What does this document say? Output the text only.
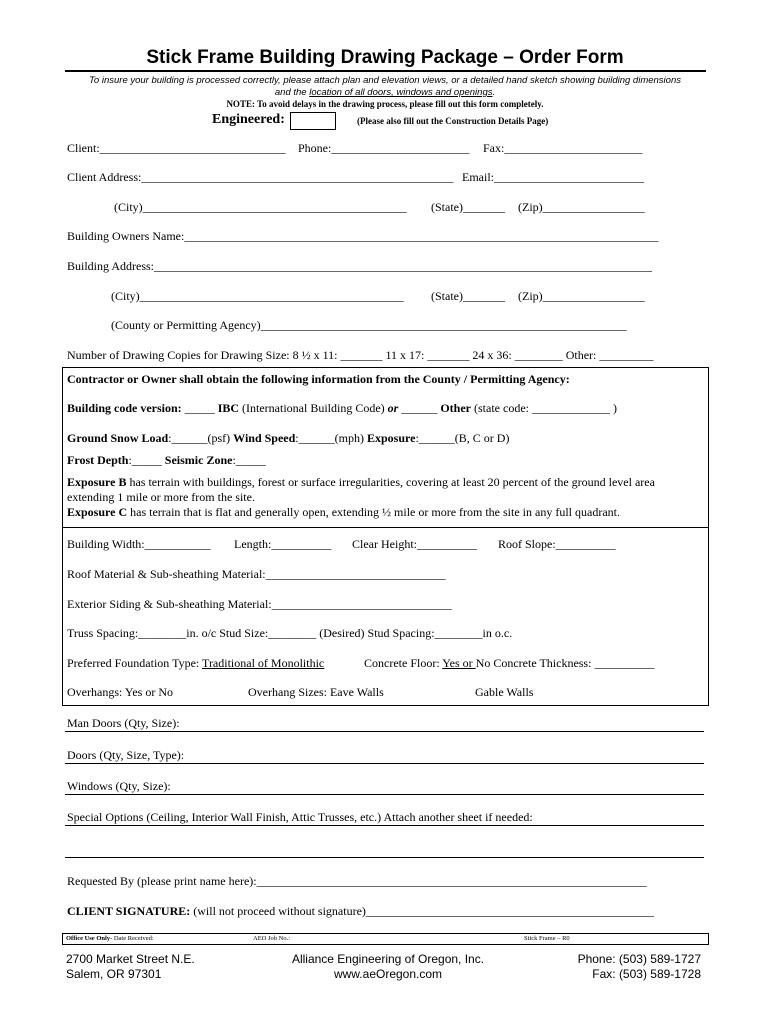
Stick Frame Building Drawing Package – Order Form
To insure your building is processed correctly, please attach plan and elevation views, or a detailed hand sketch showing building dimensions
and the location of all doors, windows and openings.
NOTE: To avoid delays in the drawing process, please fill out this form completely.
Engineered:	(Please also fill out the Construction Details Page)
Client:_______________________________ Phone:_______________________ Fax:_______________________
Client Address:____________________________________________________ Email:_________________________
(City)____________________________________________ (State)_______ (Zip)_________________
Building Owners Name:_______________________________________________________________________________
Building Address:___________________________________________________________________________________
(City)____________________________________________ (State)_______ (Zip)_________________
(County or Permitting Agency)_____________________________________________________________
Number of Drawing Copies for Drawing Size: 8 ½ x 11: _______ 11 x 17: _______ 24 x 36: ________ Other: _________
Contractor or Owner shall obtain the following information from the County / Permitting Agency:
Building code version: _____ IBC (International Building Code) or ______ Other (state code: _____________ )
Ground Snow Load:______(psf) Wind Speed:______(mph) Exposure:______(B, C or D)
Frost Depth:_____ Seismic Zone:_____
Exposure B has terrain with buildings, forest or surface irregularities, covering at least 20 percent of the ground level area extending 1 mile or more from the site.
Exposure C has terrain that is flat and generally open, extending ½ mile or more from the site in any full quadrant.
Building Width:___________ Length:__________ Clear Height:__________ Roof Slope:__________
Roof Material & Sub-sheathing Material:______________________________
Exterior Siding & Sub-sheathing Material:______________________________
Truss Spacing:________in. o/c Stud Size:________ (Desired) Stud Spacing:________in o.c.
Preferred Foundation Type: Traditional of Monolithic	Concrete Floor: Yes or No Concrete Thickness: __________
Overhangs: Yes or No	Overhang Sizes: Eave Walls	Gable Walls
Man Doors (Qty, Size):
Doors (Qty, Size, Type):
Windows (Qty, Size):
Special Options (Ceiling, Interior Wall Finish, Attic Trusses, etc.) Attach another sheet if needed:
Requested By (please print name here):_________________________________________________________________
CLIENT SIGNATURE: (will not proceed without signature)________________________________________________
Office Use Only- Date Received:	AEO Job No.:	Stick Frame – R0
2700 Market Street N.E.
Salem, OR 97301
Alliance Engineering of Oregon, Inc.
www.aeOregon.com
Phone: (503) 589-1727
Fax: (503) 589-1728
